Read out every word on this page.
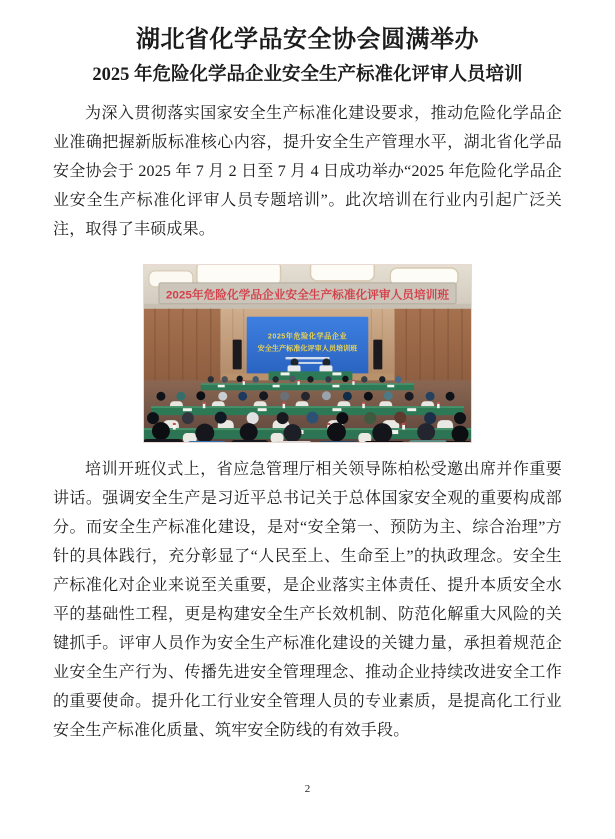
湖北省化学品安全协会圆满举办
2025 年危险化学品企业安全生产标准化评审人员培训

为深入贯彻落实国家安全生产标准化建设要求，推动危险化学品企业准确把握新版标准核心内容，提升安全生产管理水平，湖北省化学品安全协会于 2025 年 7 月 2 日至 7 月 4 日成功举办“2025 年危险化学品企业安全生产标准化评审人员专题培训”。此次培训在行业内引起广泛关注，取得了丰硕成果。

2025年危险化学品企业安全生产标准化评审人员培训班
2025年危险化学品企业
安全生产标准化评审人员培训班

培训开班仪式上，省应急管理厅相关领导陈柏松受邀出席并作重要讲话。强调安全生产是习近平总书记关于总体国家安全观的重要构成部分。而安全生产标准化建设，是对“安全第一、预防为主、综合治理”方针的具体践行，充分彰显了“人民至上、生命至上”的执政理念。安全生产标准化对企业来说至关重要，是企业落实主体责任、提升本质安全水平的基础性工程，更是构建安全生产长效机制、防范化解重大风险的关键抓手。评审人员作为安全生产标准化建设的关键力量，承担着规范企业安全生产行为、传播先进安全管理理念、推动企业持续改进安全工作的重要使命。提升化工行业安全管理人员的专业素质，是提高化工行业安全生产标准化质量、筑牢安全防线的有效手段。

2
